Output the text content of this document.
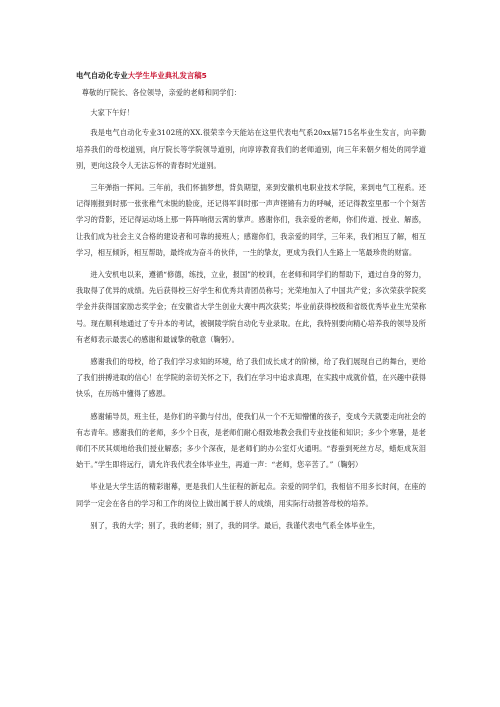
电气自动化专业大学生毕业典礼发言稿5

尊敬的厅院长、各位领导，亲爱的老师和同学们：

大家下午好！

我是电气自动化专业3102班的XX.很荣幸今天能站在这里代表电气系20xx届715名毕业生发言，向辛勤培养我们的母校道别，向厅院长等学院领导道别，向谆谆教育我们的老师道别，向三年来朝夕相处的同学道别，更向这段令人无法忘怀的青春时光道别。

三年弹指一挥间。三年前，我们怀揣梦想，背负期望，来到安徽机电职业技术学院，来到电气工程系。还记得刚报到时那一张张稚气未脱的脸庞，还记得军训时那一声声铿锵有力的呼喊，还记得教室里那一个个刻苦学习的背影，还记得运动场上那一阵阵响彻云霄的掌声。感谢你们，我亲爱的老师，你们传道、授业、解惑，让我们成为社会主义合格的建设者和可靠的接班人；感谢你们，我亲爱的同学，三年来，我们相互了解，相互学习，相互倾诉，相互帮助，最终成为奋斗的伙伴，一生的挚友，更成为我们人生路上一笔最珍贵的财富。

进入安机电以来，遵循“修德，练技，立业，报国”的校训，在老师和同学们的帮助下，通过自身的努力，我取得了优异的成绩。先后获得校三好学生和优秀共青团员称号；光荣地加入了中国共产党；多次荣获学院奖学金并获得国家励志奖学金；在安徽省大学生创业大赛中两次获奖；毕业前获得校级和省级优秀毕业生光荣称号。现在顺利地通过了专升本的考试，被铜陵学院自动化专业录取。在此，我特别要向精心培养我的领导及所有老师表示最衷心的感谢和最诚挚的敬意（鞠躬）。

感谢我们的母校，给了我们学习求知的环境，给了我们成长成才的阶梯，给了我们展现自己的舞台，更给了我们拼搏进取的信心！在学院的亲切关怀之下，我们在学习中追求真理，在实践中成就价值，在兴趣中获得快乐，在历练中懂得了感恩。

感谢辅导员，班主任，是你们的辛勤与付出，使我们从一个不无知懵懂的孩子，变成今天就要走向社会的有志青年。感谢我们的老师，多少个日夜，是老师们耐心细致地教会我们专业技能和知识；多少个寒暑，是老师们不厌其烦地给我们授业解惑；多少个深夜，是老师们的办公室灯火通明。“春蚕到死丝方尽，蜡炬成灰泪始干。”学生即将远行，请允许我代表全体毕业生，再道一声：“老师，您辛苦了。”（鞠躬）

毕业是大学生活的精彩谢幕，更是我们人生征程的新起点。亲爱的同学们，我相信不用多长时间，在座的同学一定会在各自的学习和工作的岗位上做出属于骄人的成绩，用实际行动报答母校的培养。

别了，我的大学；别了，我的老师；别了，我的同学。最后，我谨代表电气系全体毕业生，
